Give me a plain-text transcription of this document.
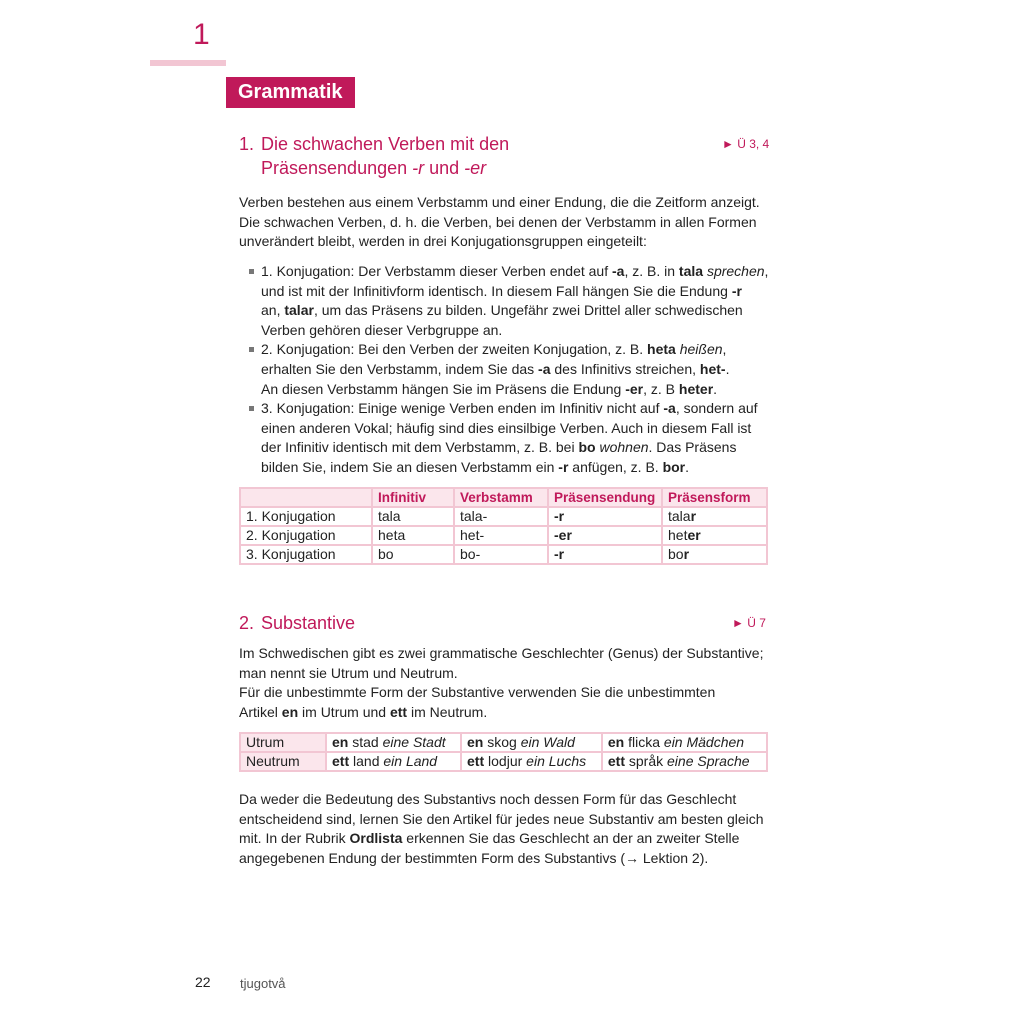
1
Grammatik
1. Die schwachen Verben mit den
Präsensendungen -r und -er
► Ü 3, 4

Verben bestehen aus einem Verbstamm und einer Endung, die die Zeitform anzeigt.
Die schwachen Verben, d. h. die Verben, bei denen der Verbstamm in allen Formen
unverändert bleibt, werden in drei Konjugationsgruppen eingeteilt:

1. Konjugation: Der Verbstamm dieser Verben endet auf -a, z. B. in tala sprechen,
und ist mit der Infinitivform identisch. In diesem Fall hängen Sie die Endung -r
an, talar, um das Präsens zu bilden. Ungefähr zwei Drittel aller schwedischen
Verben gehören dieser Verbgruppe an.
2. Konjugation: Bei den Verben der zweiten Konjugation, z. B. heta heißen,
erhalten Sie den Verbstamm, indem Sie das -a des Infinitivs streichen, het-.
An diesen Verbstamm hängen Sie im Präsens die Endung -er, z. B heter.
3. Konjugation: Einige wenige Verben enden im Infinitiv nicht auf -a, sondern auf
einen anderen Vokal; häufig sind dies einsilbige Verben. Auch in diesem Fall ist
der Infinitiv identisch mit dem Verbstamm, z. B. bei bo wohnen. Das Präsens
bilden Sie, indem Sie an diesen Verbstamm ein -r anfügen, z. B. bor.
	Infinitiv	Verbstamm	Präsensendung	Präsensform
1. Konjugation	tala	tala-	-r	talar
2. Konjugation	heta	het-	-er	heter
3. Konjugation	bo	bo-	-r	bor
2. Substantive	► Ü 7

Im Schwedischen gibt es zwei grammatische Geschlechter (Genus) der Substantive;
man nennt sie Utrum und Neutrum.
Für die unbestimmte Form der Substantive verwenden Sie die unbestimmten
Artikel en im Utrum und ett im Neutrum.

Utrum	en stad eine Stadt	en skog ein Wald	en flicka ein Mädchen
Neutrum	ett land ein Land	ett lodjur ein Luchs	ett språk eine Sprache

Da weder die Bedeutung des Substantivs noch dessen Form für das Geschlecht
entscheidend sind, lernen Sie den Artikel für jedes neue Substantiv am besten gleich
mit. In der Rubrik Ordlista erkennen Sie das Geschlecht an der an zweiter Stelle
angegebenen Endung der bestimmten Form des Substantivs (→ Lektion 2).

22 tjugotvå
